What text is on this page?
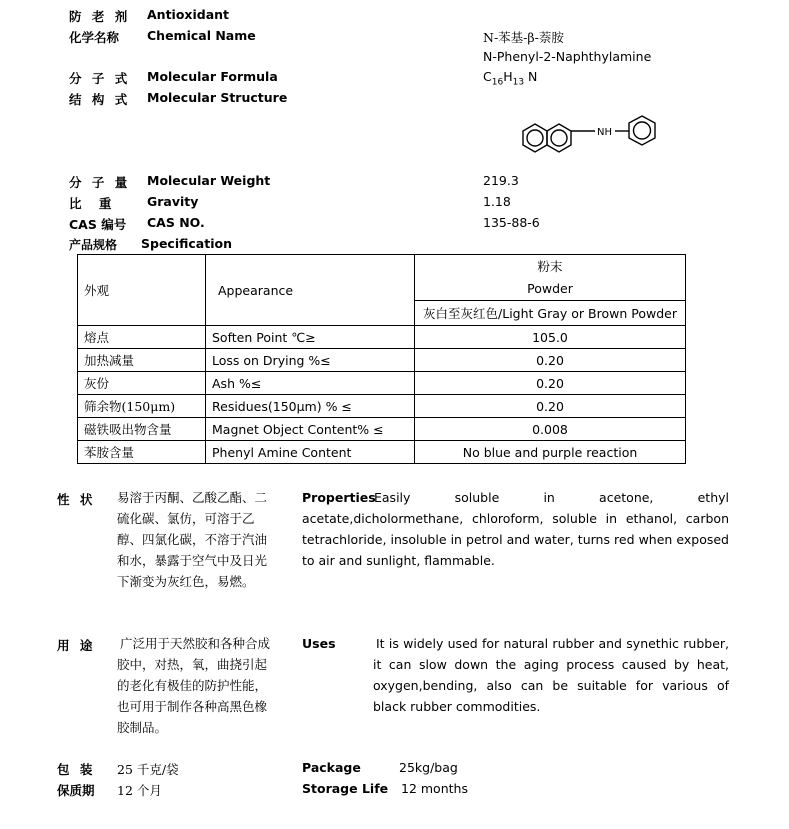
防 老 剂 Antioxidant
化学名称 Chemical Name	N-苯基-β-萘胺
N-Phenyl-2-Naphthylamine
分 子 式 Molecular Formula	$C_{16}H_{13}$ N
结 构 式 Molecular Structure
NH
分 子 量 Molecular Weight	219.3
比    重	Gravity	1.18
CAS 编号 CAS NO.	135-88-6
产品规格 Specification
外观	Appearance	粉末
		Powder
		灰白至灰红色/Light Gray or Brown Powder
熔点	Soften Point ℃≥	105.0
加热减量	Loss on Drying %≤	0.20
灰份	Ash %≤	0.20
筛余物(150μm)	Residues(150μm) % ≤	0.20
磁铁吸出物含量	Magnet Object Content% ≤	0.008
苯胺含量	Phenyl Amine Content	No blue and purple reaction
性 状 易溶于丙酮、乙酸乙酯、二硫化碳、氯仿，可溶于乙醇、四氯化碳，不溶于汽油和水，暴露于空气中及日光下渐变为灰红色，易燃。
Properties
Easily soluble in acetone, ethyl acetate,dicholormethane, chloroform, soluble in ethanol, carbon tetrachloride, insoluble in petrol and water, turns red when exposed to air and sunlight, flammable.
用 途 广泛用于天然胶和各种合成胶中，对热，氧，曲挠引起的老化有极佳的防护性能，也可用于制作各种高黑色橡胶制品。
Uses	It is widely used for natural rubber and synethic rubber, it can slow down the aging process caused by heat, oxygen,bending, also can be suitable for various of black rubber commodities.
包 装 25 千克/袋	Package	25kg/bag
保质期 12 个月	Storage Life 12 months
